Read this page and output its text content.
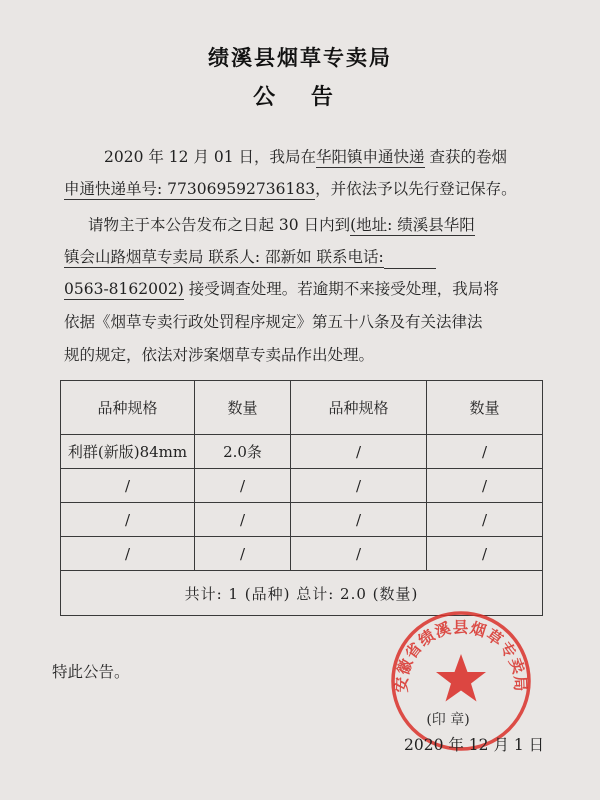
绩溪县烟草专卖局
公 告
2020 年 12 月 01 日，我局在华阳镇申通快递 查获的卷烟
申通快递单号: 773069592736183，并依法予以先行登记保存。
请物主于本公告发布之日起 30 日内到(地址: 绩溪县华阳
镇会山路烟草专卖局 联系人: 邵新如 联系电话:
0563-8162002) 接受调查处理。若逾期不来接受处理，我局将
依据《烟草专卖行政处罚程序规定》第五十八条及有关法律法
规的规定，依法对涉案烟草专卖品作出处理。
品种规格	数量	品种规格	数量
利群(新版)84mm	2.0条	/	/
/	/	/	/
/	/	/	/
/	/	/	/
共计: 1 (品种) 总计: 2.0 (数量)			
特此公告。
安徽省绩溪县烟草专卖局
(印 章)
2020 年 12 月 1 日
